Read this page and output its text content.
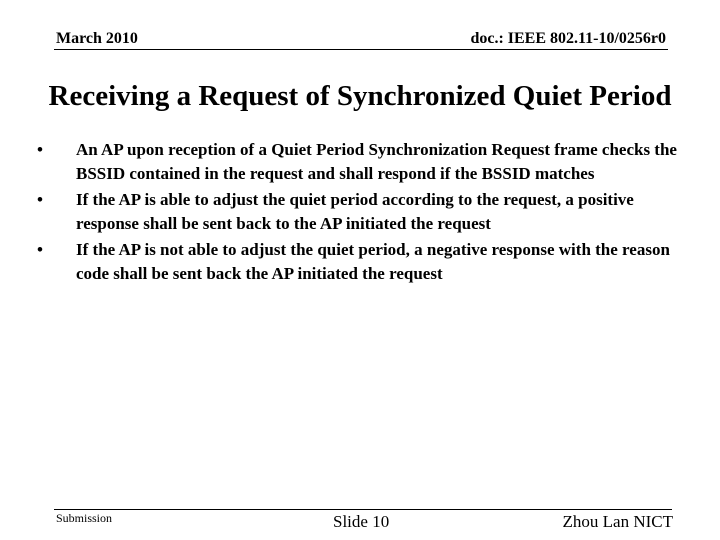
March 2010	doc.: IEEE 802.11-10/0256r0
Receiving a Request of Synchronized Quiet Period
•	An AP upon reception of a Quiet Period Synchronization Request frame checks the BSSID contained in the request and shall respond if the BSSID matches
•	If the AP is able to adjust the quiet period according to the request, a positive response shall be sent back to the AP initiated the request
•	If the AP is not able to adjust the quiet period, a negative response with the reason code shall be sent back the AP initiated the request
Submission	Slide 10	Zhou Lan NICT
